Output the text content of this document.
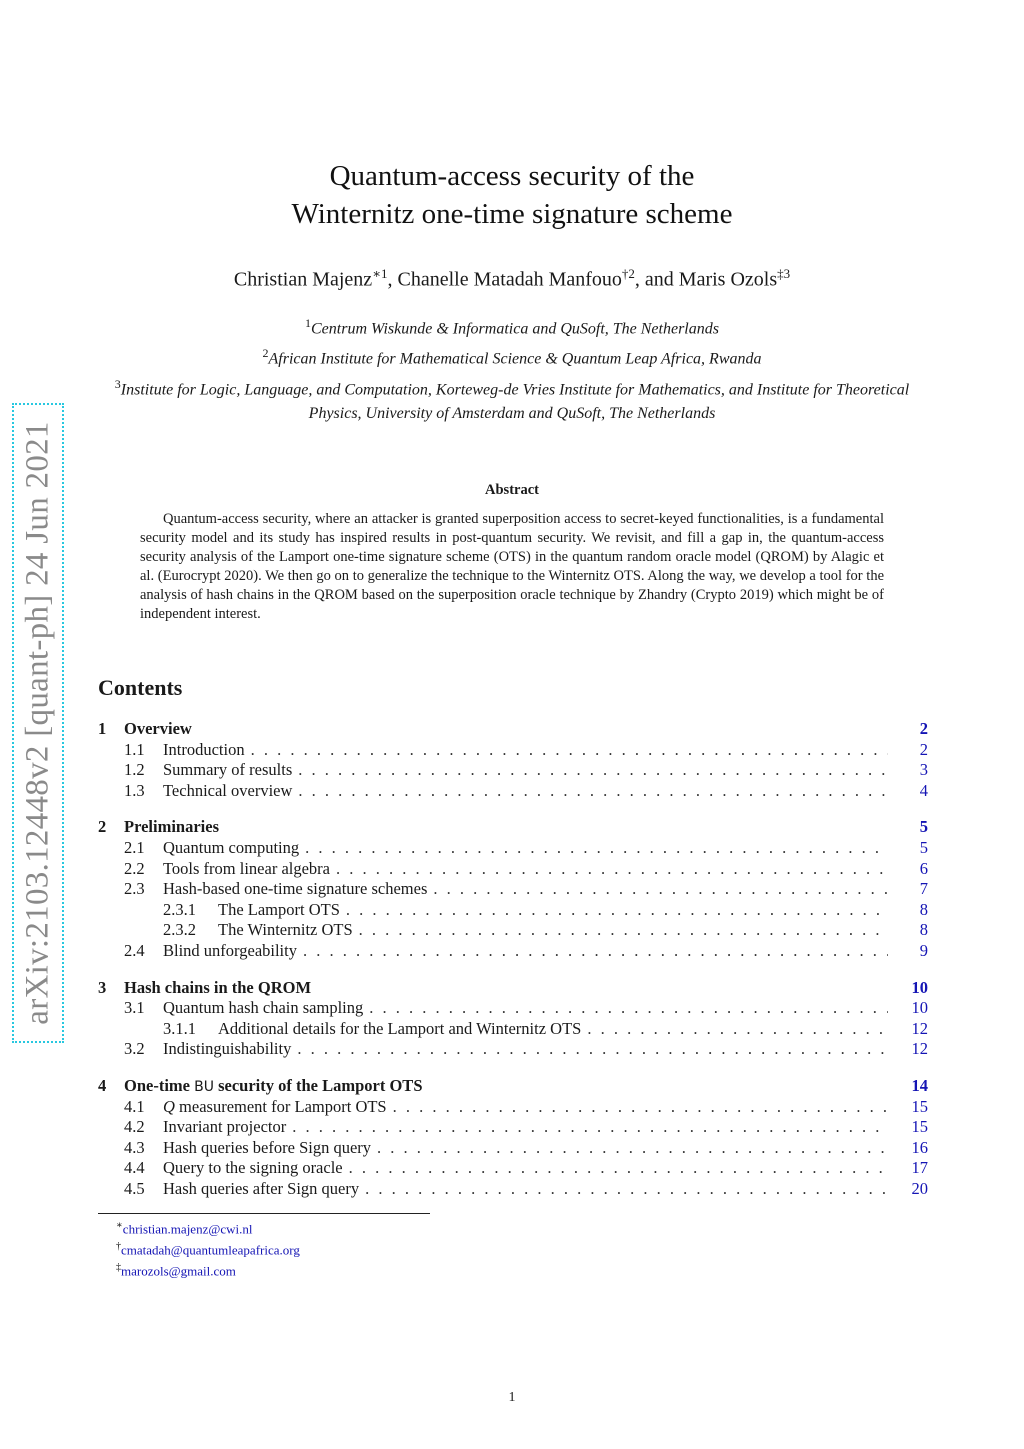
arXiv:2103.12448v2 [quant-ph] 24 Jun 2021
Quantum-access security of the
Winternitz one-time signature scheme
Christian Majenz$^{∗1}$, Chanelle Matadah Manfouo$^{\dagger 2}$, and Maris Ozols$^{\ddagger 3}$
$^1$Centrum Wiskunde & Informatica and QuSoft, The Netherlands
$^2$African Institute for Mathematical Science & Quantum Leap Africa, Rwanda
$^3$Institute for Logic, Language, and Computation, Korteweg-de Vries Institute for Mathematics, and Institute for Theoretical Physics, University of Amsterdam and QuSoft, The Netherlands
Abstract
Quantum-access security, where an attacker is granted superposition access to secret-keyed functionalities, is a fundamental security model and its study has inspired results in post-quantum security. We revisit, and fill a gap in, the quantum-access security analysis of the Lamport one-time signature scheme (OTS) in the quantum random oracle model (QROM) by Alagic et al. (Eurocrypt 2020). We then go on to generalize the technique to the Winternitz OTS. Along the way, we develop a tool for the analysis of hash chains in the QROM based on the superposition oracle technique by Zhandry (Crypto 2019) which might be of independent interest.
Contents
1	Overview	2
1.1	Introduction . . .	2
1.2	Summary of results . . .	3
1.3	Technical overview . . .	4
2	Preliminaries	5
2.1	Quantum computing . . .	5
2.2	Tools from linear algebra . . .	6
2.3	Hash-based one-time signature schemes . . .	7
2.3.1	The Lamport OTS . . .	8
2.3.2	The Winternitz OTS . . .	8
2.4	Blind unforgeability . . .	9
3	Hash chains in the QROM	10
3.1	Quantum hash chain sampling . . .	10
3.1.1	Additional details for the Lamport and Winternitz OTS . . .	12
3.2	Indistinguishability . . .	12
4	One-time BU security of the Lamport OTS	14
4.1	Q measurement for Lamport OTS . . .	15
4.2	Invariant projector . . .	15
4.3	Hash queries before Sign query . . .	16
4.4	Query to the signing oracle . . .	17
4.5	Hash queries after Sign query . . .	20
∗christian.majenz@cwi.nl
†cmatadah@quantumleapafrica.org
‡marozols@gmail.com
1
